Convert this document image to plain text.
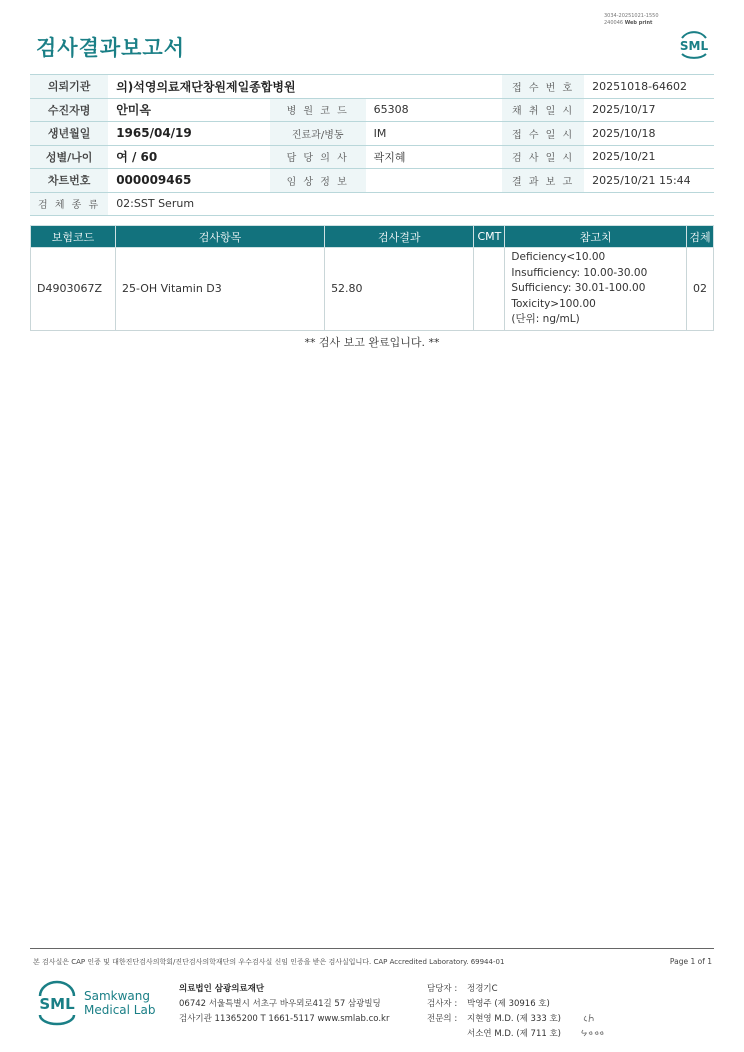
3034-20251021-1550
240046 Web print
검사결과보고서	SML
의뢰기관	의)석영의료재단창원제일종합병원			접 수 번 호	20251018-64602
수진자명	안미옥	병 원 코 드	65308	채 취 일 시	2025/10/17
생년월일	1965/04/19	진료과/병동	IM	접 수 일 시	2025/10/18
성별/나이	여 / 60	담 당 의 사	곽지혜	검 사 일 시	2025/10/21
차트번호	000009465	임 상 정 보		결 과 보 고	2025/10/21 15:44
검 체 종 류	02:SST Serum				
보험코드	검사항목	검사결과	CMT	참고치	검체
D4903067Z	25-OH Vitamin D3	52.80		Deficiency<10.00
Insufficiency: 10.00-30.00
Sufficiency: 30.01-100.00
Toxicity>100.00
(단위: ng/mL)	02
** 검사 보고 완료입니다. **
본 검사실은 CAP 인증 및 대한진단검사의학회/진단검사의학재단의 우수검사실 신임 인증을 받은 검사실입니다. CAP Accredited Laboratory. 69944-01	Page 1 of 1
SML Samkwang
Medical Lab
의료법인 삼광의료재단
06742 서울특별시 서초구 바우뫼로41길 57 삼광빌딩
검사기관 11365200 T 1661-5117 www.smlab.co.kr
담당자 :	정경기C
검사자 :	박영주 (제 30916 호)
전문의 :	지현영 M.D. (제 333 호)
서소연 M.D. (제 711 호)
